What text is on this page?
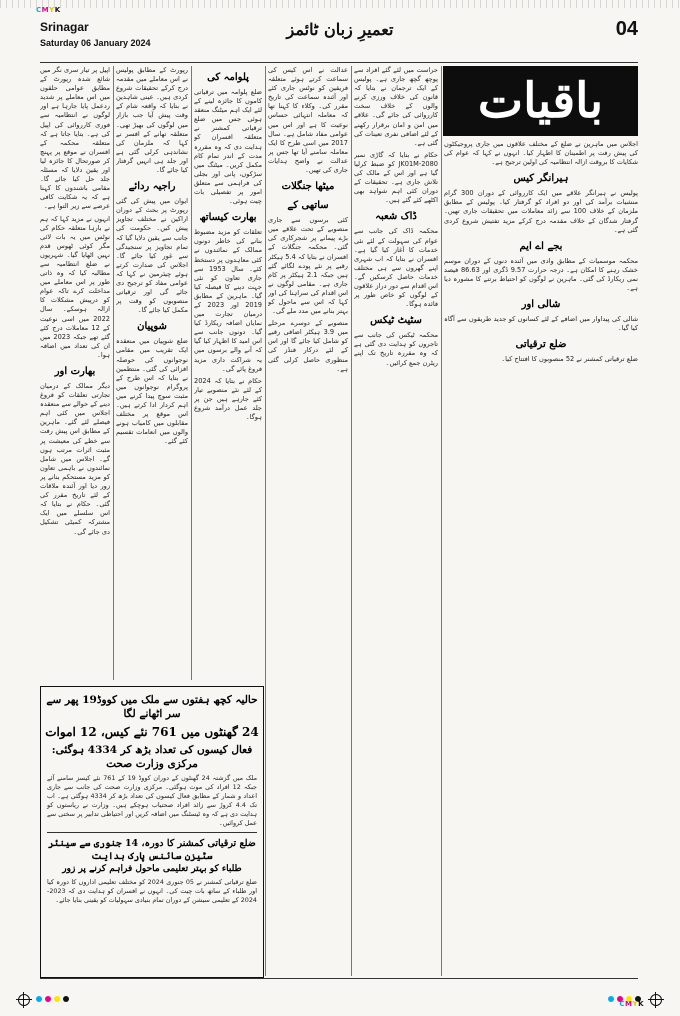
CMYK
Srinagar
Saturday 06 January 2024
تعمیرِ زبان ٹائمز	04
باقیات

اپیل پر تیار سری نگر میں شائع شدہ رپورٹ کے مطابق عوامی حلقوں میں اس معاملے پر شدید ردعمل پایا جارہا ہے اور لوگوں نے انتظامیہ سے فوری کارروائی کی اپیل کی ہے۔ بتایا جاتا ہے کہ متعلقہ محکمہ کے افسران نے موقع پر پہنچ کر صورتحال کا جائزہ لیا اور یقین دلایا کہ مسئلہ جلد حل کیا جائے گا۔ مقامی باشندوں کا کہنا ہے کہ یہ شکایت کافی عرصے سے زیر التوا ہے۔

انہوں نے مزید کہا کہ ہم نے بارہا متعلقہ حکام کی نوٹس میں یہ بات لائی مگر کوئی ٹھوس قدم نہیں اٹھایا گیا۔ شہریوں نے ضلع انتظامیہ سے مطالبہ کیا کہ وہ ذاتی طور پر اس معاملے میں مداخلت کرے تاکہ عوام کو درپیش مشکلات کا ازالہ ہوسکے۔ سال 2022 میں اسی نوعیت کے 12 معاملات درج کئے گئے تھے جبکہ 2023 میں ان کی تعداد میں اضافہ ہوا۔

بھارت اور

دیگر ممالک کے درمیان تجارتی تعلقات کو فروغ دینے کے حوالے سے منعقدہ اجلاس میں کئی اہم فیصلے لئے گئے۔ ماہرین کے مطابق اس پیش رفت سے خطے کی معیشت پر مثبت اثرات مرتب ہوں گے۔ اجلاس میں شامل نمائندوں نے باہمی تعاون کو مزید مستحکم بنانے پر زور دیا اور آئندہ ملاقات کے لئے تاریخ مقرر کی گئی۔ حکام نے بتایا کہ اس سلسلے میں ایک مشترکہ کمیٹی تشکیل دی جائے گی۔

رپورٹ کے مطابق پولیس نے اس معاملے میں مقدمہ درج کرکے تحقیقات شروع کردی ہیں۔ عینی شاہدین نے بتایا کہ واقعہ شام کے وقت پیش آیا جب بازار میں لوگوں کی بھیڑ تھی۔ متعلقہ تھانے کے افسر نے کہا کہ ملزمان کی نشاندہی کرلی گئی ہے اور جلد ہی انہیں گرفتار کیا جائے گا۔

راجیہ ردائے

ایوان میں پیش کی گئی رپورٹ پر بحث کے دوران اراکین نے مختلف تجاویز پیش کیں۔ حکومت کی جانب سے یقین دلایا گیا کہ تمام تجاویز پر سنجیدگی سے غور کیا جائے گا۔ اجلاس کی صدارت کرتے ہوئے چیئرمین نے کہا کہ عوامی مفاد کو ترجیح دی جائے گی اور ترقیاتی منصوبوں کو وقت پر مکمل کیا جائے گا۔

شوپیان

ضلع شوپیان میں منعقدہ ایک تقریب میں مقامی نوجوانوں کی حوصلہ افزائی کی گئی۔ منتظمین نے بتایا کہ اس طرح کے پروگرام نوجوانوں میں مثبت سوچ پیدا کرنے میں اہم کردار ادا کرتے ہیں۔ اس موقع پر مختلف مقابلوں میں کامیاب ہونے والوں میں انعامات تقسیم کئے گئے۔

پلوامہ کی

ضلع پلوامہ میں ترقیاتی کاموں کا جائزہ لینے کے لئے ایک اہم میٹنگ منعقد ہوئی جس میں ضلع ترقیاتی کمشنر نے متعلقہ افسران کو ہدایت دی کہ وہ مقررہ مدت کے اندر تمام کام مکمل کریں۔ میٹنگ میں سڑکوں، پانی اور بجلی کی فراہمی سے متعلق امور پر تفصیلی بات چیت ہوئی۔

بھارت کیساتھ

تعلقات کو مزید مضبوط بنانے کی خاطر دونوں ممالک کے نمائندوں نے کئی معاہدوں پر دستخط کئے۔ سال 1953 سے جاری تعاون کو نئی جہت دینے کا فیصلہ کیا گیا۔ ماہرین کے مطابق 2019 اور 2023 کے درمیان تجارت میں نمایاں اضافہ ریکارڈ کیا گیا۔ دونوں جانب سے اس امید کا اظہار کیا گیا کہ آنے والے برسوں میں یہ شراکت داری مزید فروغ پائے گی۔

حکام نے بتایا کہ 2024 کے لئے نئے منصوبے تیار کئے جارہے ہیں جن پر جلد عمل درآمد شروع ہوگا۔

عدالت نے اس کیس کی سماعت کرتے ہوئے متعلقہ فریقین کو نوٹس جاری کئے اور آئندہ سماعت کی تاریخ مقرر کی۔ وکلاء کا کہنا تھا کہ معاملہ انتہائی حساس نوعیت کا ہے اور اس میں عوامی مفاد شامل ہے۔ سال 2017 میں اسی طرح کا ایک معاملہ سامنے آیا تھا جس پر عدالت نے واضح ہدایات جاری کی تھیں۔

میٹھا جنگلات
ساتھی کے

کئی برسوں سے جاری منصوبے کے تحت علاقے میں بڑے پیمانے پر شجرکاری کی گئی۔ محکمہ جنگلات کے افسران نے بتایا کہ 5.4 ہیکٹر رقبے پر نئے پودے لگائے گئے ہیں جبکہ 2.1 ہیکٹر پر کام جاری ہے۔ مقامی لوگوں نے اس اقدام کی سراہنا کی اور کہا کہ اس سے ماحول کو بہتر بنانے میں مدد ملے گی۔

منصوبے کے دوسرے مرحلے میں 3.9 ہیکٹر اضافی رقبے کو شامل کیا جائے گا اور اس کے لئے درکار فنڈز کی منظوری حاصل کرلی گئی ہے۔

حراست میں لئے گئے افراد سے پوچھ گچھ جاری ہے۔ پولیس کے ایک ترجمان نے بتایا کہ قانون کی خلاف ورزی کرنے والوں کے خلاف سخت کارروائی کی جائے گی۔ علاقے میں امن و امان برقرار رکھنے کے لئے اضافی نفری تعینات کی گئی ہے۔

حکام نے بتایا کہ گاڑی نمبر JK01M-2080 کو ضبط کرلیا گیا ہے اور اس کے مالک کی تلاش جاری ہے۔ تحقیقات کے دوران کئی اہم شواہد بھی اکٹھے کئے گئے ہیں۔

ڈاک شعبہ

محکمہ ڈاک کی جانب سے عوام کی سہولت کے لئے نئی خدمات کا آغاز کیا گیا ہے۔ افسران نے بتایا کہ اب شہری اپنے گھروں سے ہی مختلف خدمات حاصل کرسکیں گے۔ اس اقدام سے دور دراز علاقوں کے لوگوں کو خاص طور پر فائدہ ہوگا۔

سٹیٹ ٹیکس

محکمہ ٹیکس کی جانب سے تاجروں کو ہدایت دی گئی ہے کہ وہ مقررہ تاریخ تک اپنے ریٹرن جمع کرائیں۔

اجلاس میں ماہرین نے ضلع کے مختلف علاقوں میں جاری پروجیکٹوں کی پیش رفت پر اطمینان کا اظہار کیا۔ انہوں نے کہا کہ عوام کی شکایات کا بروقت ازالہ انتظامیہ کی اولین ترجیح ہے۔

ہیرانگر کیس

پولیس نے ہیرانگر علاقے میں ایک کارروائی کے دوران 300 گرام منشیات برآمد کی اور دو افراد کو گرفتار کیا۔ پولیس کے مطابق ملزمان کے خلاف 100 سے زائد معاملات میں تحقیقات جاری تھیں۔ گرفتار شدگان کے خلاف مقدمہ درج کرکے مزید تفتیش شروع کردی گئی ہے۔

بجے اے ایم

محکمہ موسمیات کے مطابق وادی میں آئندہ دنوں کے دوران موسم خشک رہنے کا امکان ہے۔ درجہ حرارت 9.57 ڈگری اور 86.63 فیصد نمی ریکارڈ کی گئی۔ ماہرین نے لوگوں کو احتیاط برتنے کا مشورہ دیا ہے۔

شالی اور

شالی کی پیداوار میں اضافے کے لئے کسانوں کو جدید طریقوں سے آگاہ کیا گیا۔

ضلع ترقیاتی

ضلع ترقیاتی کمشنر نے 52 منصوبوں کا افتتاح کیا۔

حالیہ کچھ ہفتوں سے ملک میں کووڈ19 پھر سے سر اٹھانے لگا
24 گھنٹوں میں 761 نئے کیس، 12 اموات
فعال کیسوں کی تعداد بڑھ کر 4334 ہوگئی: مرکزی وزارت صحت
ملک میں گزشتہ 24 گھنٹوں کے دوران کووڈ 19 کے 761 نئے کیسز سامنے آئے جبکہ 12 افراد کی موت ہوگئی۔ مرکزی وزارت صحت کی جانب سے جاری اعداد و شمار کے مطابق فعال کیسوں کی تعداد بڑھ کر 4334 ہوگئی ہے۔ اب تک 4.4 کروڑ سے زائد افراد صحتیاب ہوچکے ہیں۔ وزارت نے ریاستوں کو ہدایت دی ہے کہ وہ ٹیسٹنگ میں اضافہ کریں اور احتیاطی تدابیر پر سختی سے عمل کروائیں۔
ضلع ترقیاتی کمشنر کا دورہ، 14 جنوری سے سینئر سٹیزن سائنس پارک ہدایت
طلباء کو بہتر تعلیمی ماحول فراہم کرنے پر زور
ضلع ترقیاتی کمشنر نے 05 جنوری 2024 کو مختلف تعلیمی اداروں کا دورہ کیا اور طلباء کے ساتھ بات چیت کی۔ انہوں نے افسران کو ہدایت دی کہ 2023-2024 کے تعلیمی سیشن کے دوران تمام بنیادی سہولیات کو یقینی بنایا جائے۔
CMYK
